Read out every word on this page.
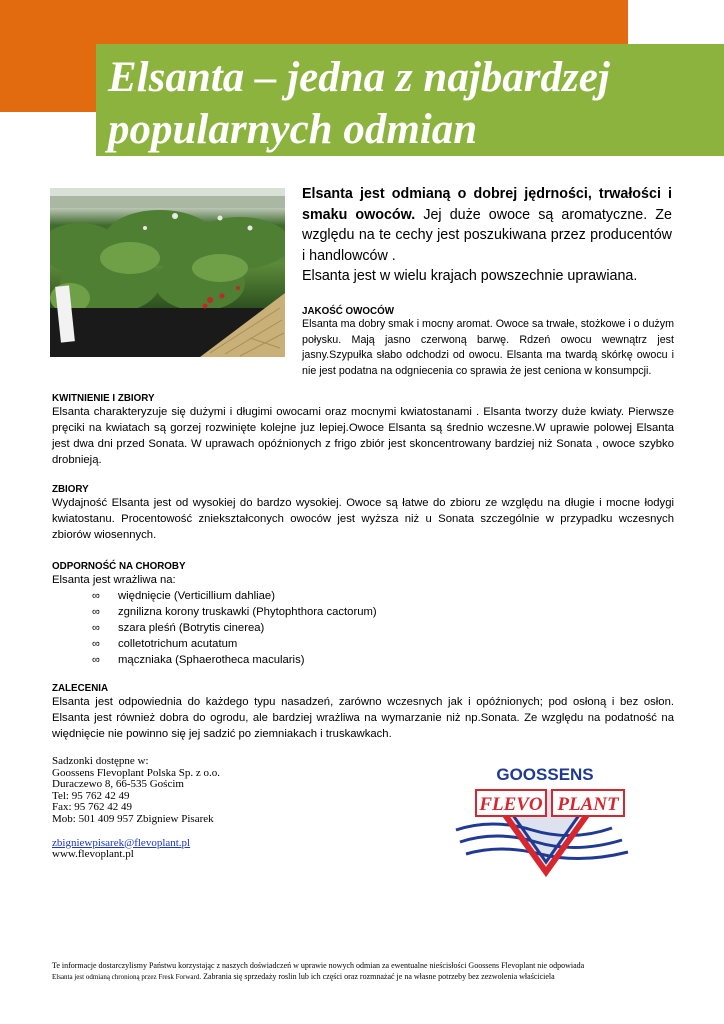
Elsanta – jedna z najbardzej
popularnych odmian

Elsanta jest odmianą o dobrej jędrności, trwałości i smaku owoców. Jej duże owoce są aromatyczne. Ze względu na te cechy jest poszukiwana przez producentów i handlowców .

Elsanta jest w wielu krajach powszechnie uprawiana.

JAKOŚĆ OWOCÓW

Elsanta ma dobry smak i mocny aromat. Owoce sa trwałe, stożkowe i o dużym połysku. Mają jasno czerwoną barwę. Rdzeń owocu wewnątrz jest jasny.Szypułka słabo odchodzi od owocu. Elsanta ma twardą skórkę owocu i nie jest podatna na odgniecenia co sprawia że jest ceniona w konsumpcji.

KWITNIENIE I ZBIORY

Elsanta charakteryzuje się dużymi i długimi owocami oraz mocnymi kwiatostanami . Elsanta tworzy duże kwiaty. Pierwsze pręciki na kwiatach są gorzej rozwinięte kolejne juz lepiej.Owoce Elsanta są średnio wczesne.W uprawie polowej Elsanta jest dwa dni przed Sonata. W uprawach opóźnionych z frigo zbiór jest skoncentrowany bardziej niż Sonata , owoce szybko drobnieją.

ZBIORY

Wydajność Elsanta jest od wysokiej do bardzo wysokiej. Owoce są łatwe do zbioru ze względu na długie i mocne łodygi kwiatostanu. Procentowość zniekształconych owoców jest wyższa niż u Sonata szczególnie w przypadku wczesnych zbiorów wiosennych.

ODPORNOŚĆ NA CHOROBY

Elsanta jest wrażliwa na:

∞	więdnięcie (Verticillium dahliae)
∞	zgnilizna korony truskawki (Phytophthora cactorum)
∞	szara pleśń (Botrytis cinerea)
∞	colletotrichum acutatum
∞	mączniaka (Sphaerotheca macularis)

ZALECENIA

Elsanta jest odpowiednia do każdego typu nasadzeń, zarówno wczesnych jak i opóźnionych; pod osłoną i bez osłon. Elsanta jest również dobra do ogrodu, ale bardziej wrażliwa na wymarzanie niż np.Sonata. Ze względu na podatność na więdnięcie nie powinno się jej sadzić po ziemniakach i truskawkach.

Sadzonki dostępne w:
Goossens Flevoplant Polska Sp. z o.o.
Duraczewo 8, 66-535 Gościm
Tel: 95 762 42 49
Fax: 95 762 42 49
Mob: 501 409 957 Zbigniew Pisarek
zbigniewpisarek@flevoplant.pl
www.flevoplant.pl
GOOSSENS
FLEVO PLANT
Te informacje dostarczylismy Państwu korzystając z naszych doświadczeń w uprawie nowych odmian za ewentualne nieścisłości Goossens Flevoplant nie odpowiada
Elsanta jest odmianą chronioną przez Fresk Forward. Zabrania się sprzedaży roslin lub ich części oraz rozmnażać je na własne potrzeby bez zezwolenia właściciela
